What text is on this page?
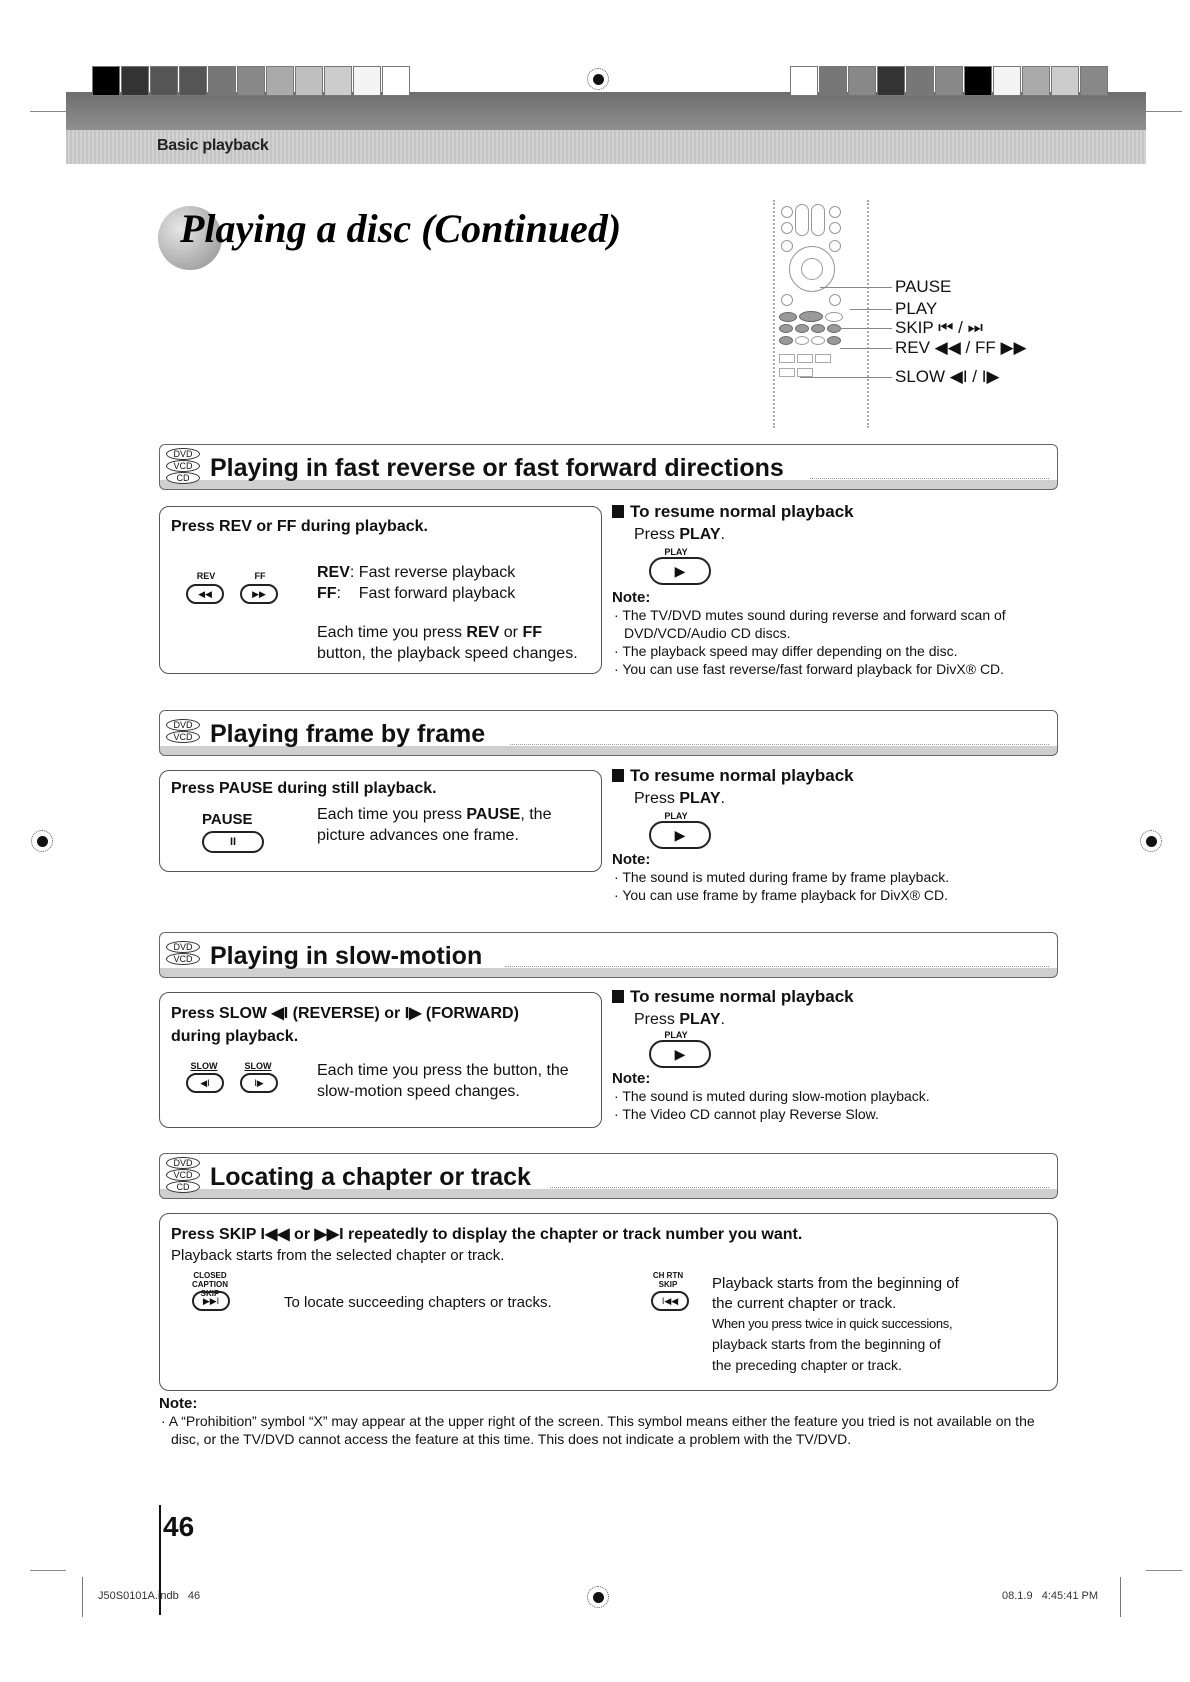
Basic playback
Playing a disc (Continued)
PAUSE
PLAY
SKIP ⏮ / ⏭
REV ◀◀ / FF ▶▶
SLOW ◀I / I▶
DVD
VCD
CD Playing in fast reverse or fast forward directions
Press REV or FF during playback.
REV
◀◀
FF
▶▶
REV: Fast reverse playback
FF:    Fast forward playback
Each time you press REV or FF
button, the playback speed changes.
To resume normal playback
Press PLAY.
PLAY
▶
Note:
· The TV/DVD mutes sound during reverse and forward scan of DVD/VCD/Audio CD discs.
· The playback speed may differ depending on the disc.
· You can use fast reverse/fast forward playback for DivX® CD.
DVD
VCD Playing frame by frame
Press PAUSE during still playback.
PAUSE
II
Each time you press PAUSE, the picture advances one frame.
To resume normal playback
Press PLAY.
PLAY
▶
Note:
· The sound is muted during frame by frame playback.
· You can use frame by frame playback for DivX® CD.
DVD
VCD Playing in slow-motion
Press SLOW ◀I (REVERSE) or I▶ (FORWARD)
during playback.
SLOW
◀I
SLOW
I▶
Each time you press the button, the slow-motion speed changes.
To resume normal playback
Press PLAY.
PLAY
▶
Note:
· The sound is muted during slow-motion playback.
· The Video CD cannot play Reverse Slow.
DVD
VCD
CD Locating a chapter or track
Press SKIP I◀◀ or ▶▶I repeatedly to display the chapter or track number you want.
Playback starts from the selected chapter or track.
CLOSED CAPTION
SKIP
▶▶I	To locate succeeding chapters or tracks.
CH RTN
SKIP
I◀◀
Playback starts from the beginning of
the current chapter or track.
When you press twice in quick successions,
playback starts from the beginning of
the preceding chapter or track.
Note:
· A “Prohibition” symbol “X” may appear at the upper right of the screen. This symbol means either the feature you tried is not available on the disc, or the TV/DVD cannot access the feature at this time. This does not indicate a problem with the TV/DVD.
46
J50S0101A.indb   46	08.1.9   4:45:41 PM
